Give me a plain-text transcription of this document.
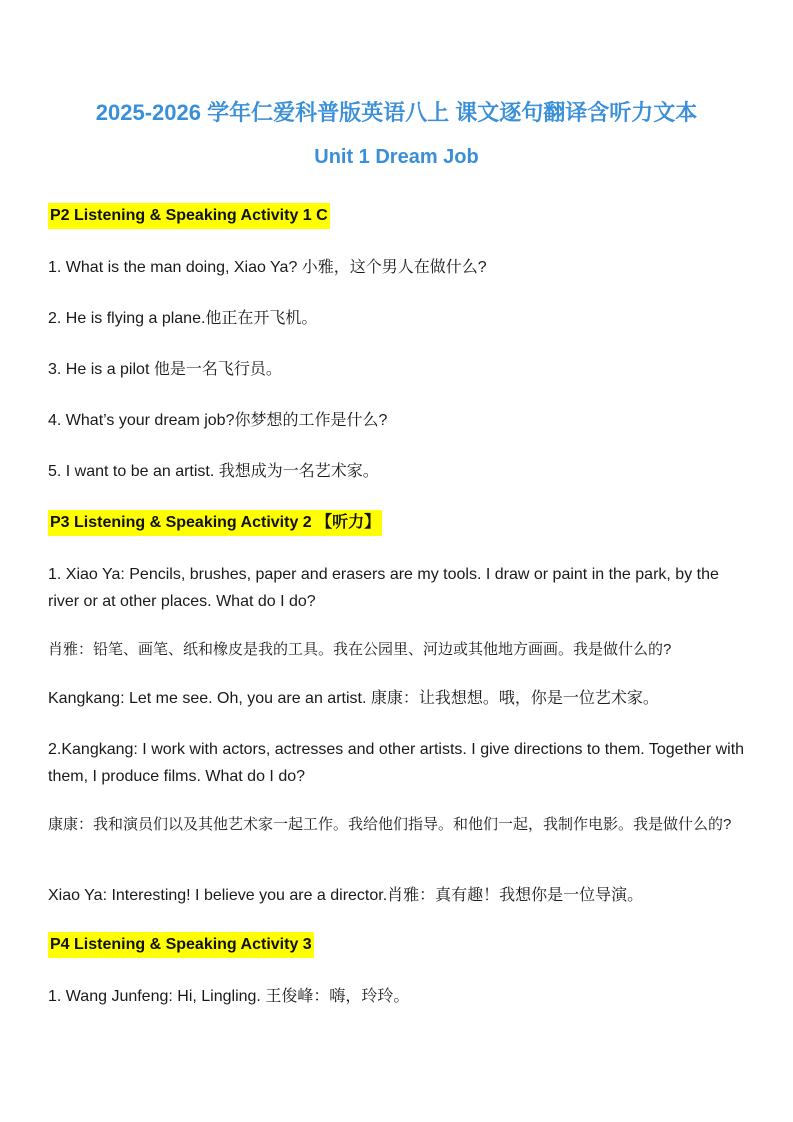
2025-2026 学年仁爱科普版英语八上 课文逐句翻译含听力文本
Unit 1 Dream Job

P2 Listening & Speaking Activity 1 C

1. What is the man doing, Xiao Ya? 小雅，这个男人在做什么?

2. He is flying a plane.他正在开飞机。

3. He is a pilot 他是一名飞行员。

4. What’s your dream job?你梦想的工作是什么?

5. I want to be an artist. 我想成为一名艺术家。

P3 Listening & Speaking Activity 2 【听力】

1. Xiao Ya: Pencils, brushes, paper and erasers are my tools. I draw or paint in the park, by the river or at other places. What do I do?

肖雅：铅笔、画笔、纸和橡皮是我的工具。我在公园里、河边或其他地方画画。我是做什么的?

Kangkang: Let me see. Oh, you are an artist. 康康：让我想想。哦，你是一位艺术家。

2.Kangkang: I work with actors, actresses and other artists. I give directions to them. Together with them, I produce films. What do I do?

康康：我和演员们以及其他艺术家一起工作。我给他们指导。和他们一起，我制作电影。我是做什么的?

Xiao Ya: Interesting! I believe you are a director.肖雅：真有趣！我想你是一位导演。

P4 Listening & Speaking Activity 3

1. Wang Junfeng: Hi, Lingling. 王俊峰：嗨，玲玲。
